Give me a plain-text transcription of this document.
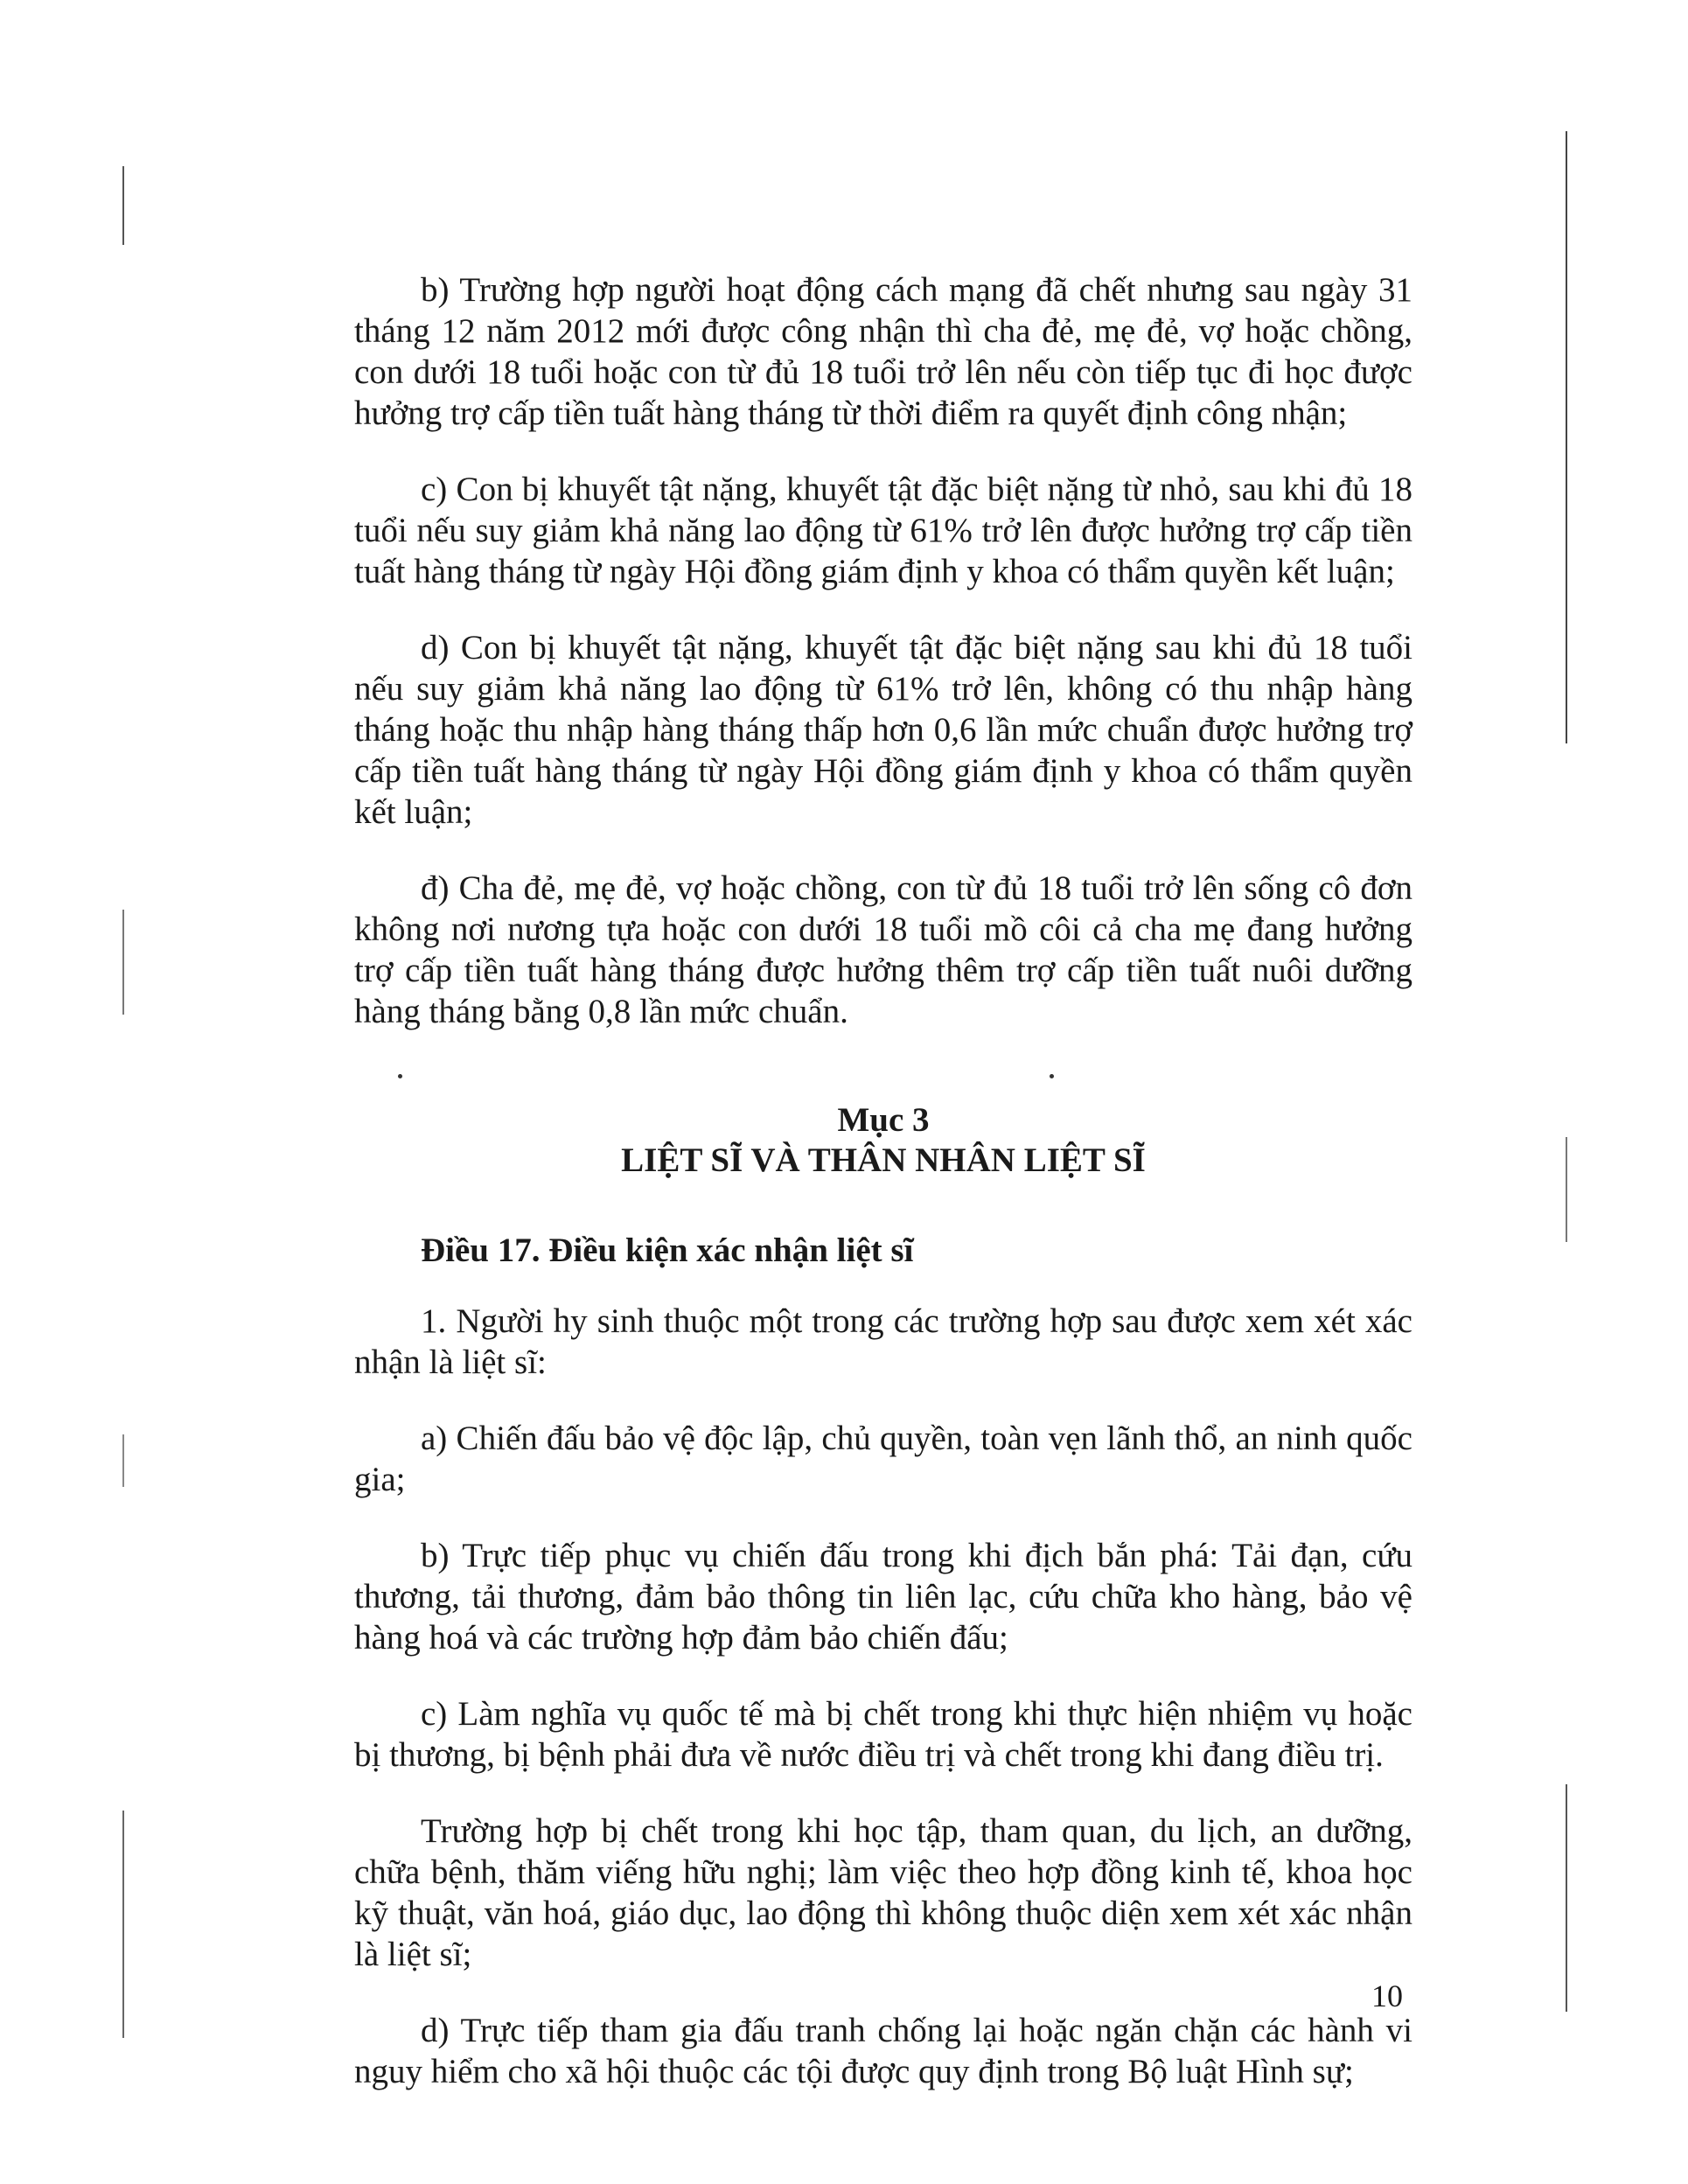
b) Trường hợp người hoạt động cách mạng đã chết nhưng sau ngày 31 tháng 12 năm 2012 mới được công nhận thì cha đẻ, mẹ đẻ, vợ hoặc chồng, con dưới 18 tuổi hoặc con từ đủ 18 tuổi trở lên nếu còn tiếp tục đi học được hưởng trợ cấp tiền tuất hàng tháng từ thời điểm ra quyết định công nhận;

c) Con bị khuyết tật nặng, khuyết tật đặc biệt nặng từ nhỏ, sau khi đủ 18 tuổi nếu suy giảm khả năng lao động từ 61% trở lên được hưởng trợ cấp tiền tuất hàng tháng từ ngày Hội đồng giám định y khoa có thẩm quyền kết luận;

d) Con bị khuyết tật nặng, khuyết tật đặc biệt nặng sau khi đủ 18 tuổi nếu suy giảm khả năng lao động từ 61% trở lên, không có thu nhập hàng tháng hoặc thu nhập hàng tháng thấp hơn 0,6 lần mức chuẩn được hưởng trợ cấp tiền tuất hàng tháng từ ngày Hội đồng giám định y khoa có thẩm quyền kết luận;

đ) Cha đẻ, mẹ đẻ, vợ hoặc chồng, con từ đủ 18 tuổi trở lên sống cô đơn không nơi nương tựa hoặc con dưới 18 tuổi mồ côi cả cha mẹ đang hưởng trợ cấp tiền tuất hàng tháng được hưởng thêm trợ cấp tiền tuất nuôi dưỡng hàng tháng bằng 0,8 lần mức chuẩn.

Mục 3
LIỆT SĨ VÀ THÂN NHÂN LIỆT SĨ

Điều 17. Điều kiện xác nhận liệt sĩ

1. Người hy sinh thuộc một trong các trường hợp sau được xem xét xác nhận là liệt sĩ:

a) Chiến đấu bảo vệ độc lập, chủ quyền, toàn vẹn lãnh thổ, an ninh quốc gia;

b) Trực tiếp phục vụ chiến đấu trong khi địch bắn phá: Tải đạn, cứu thương, tải thương, đảm bảo thông tin liên lạc, cứu chữa kho hàng, bảo vệ hàng hoá và các trường hợp đảm bảo chiến đấu;

c) Làm nghĩa vụ quốc tế mà bị chết trong khi thực hiện nhiệm vụ hoặc bị thương, bị bệnh phải đưa về nước điều trị và chết trong khi đang điều trị.

Trường hợp bị chết trong khi học tập, tham quan, du lịch, an dưỡng, chữa bệnh, thăm viếng hữu nghị; làm việc theo hợp đồng kinh tế, khoa học kỹ thuật, văn hoá, giáo dục, lao động thì không thuộc diện xem xét xác nhận là liệt sĩ;

d) Trực tiếp tham gia đấu tranh chống lại hoặc ngăn chặn các hành vi nguy hiểm cho xã hội thuộc các tội được quy định trong Bộ luật Hình sự;

10
